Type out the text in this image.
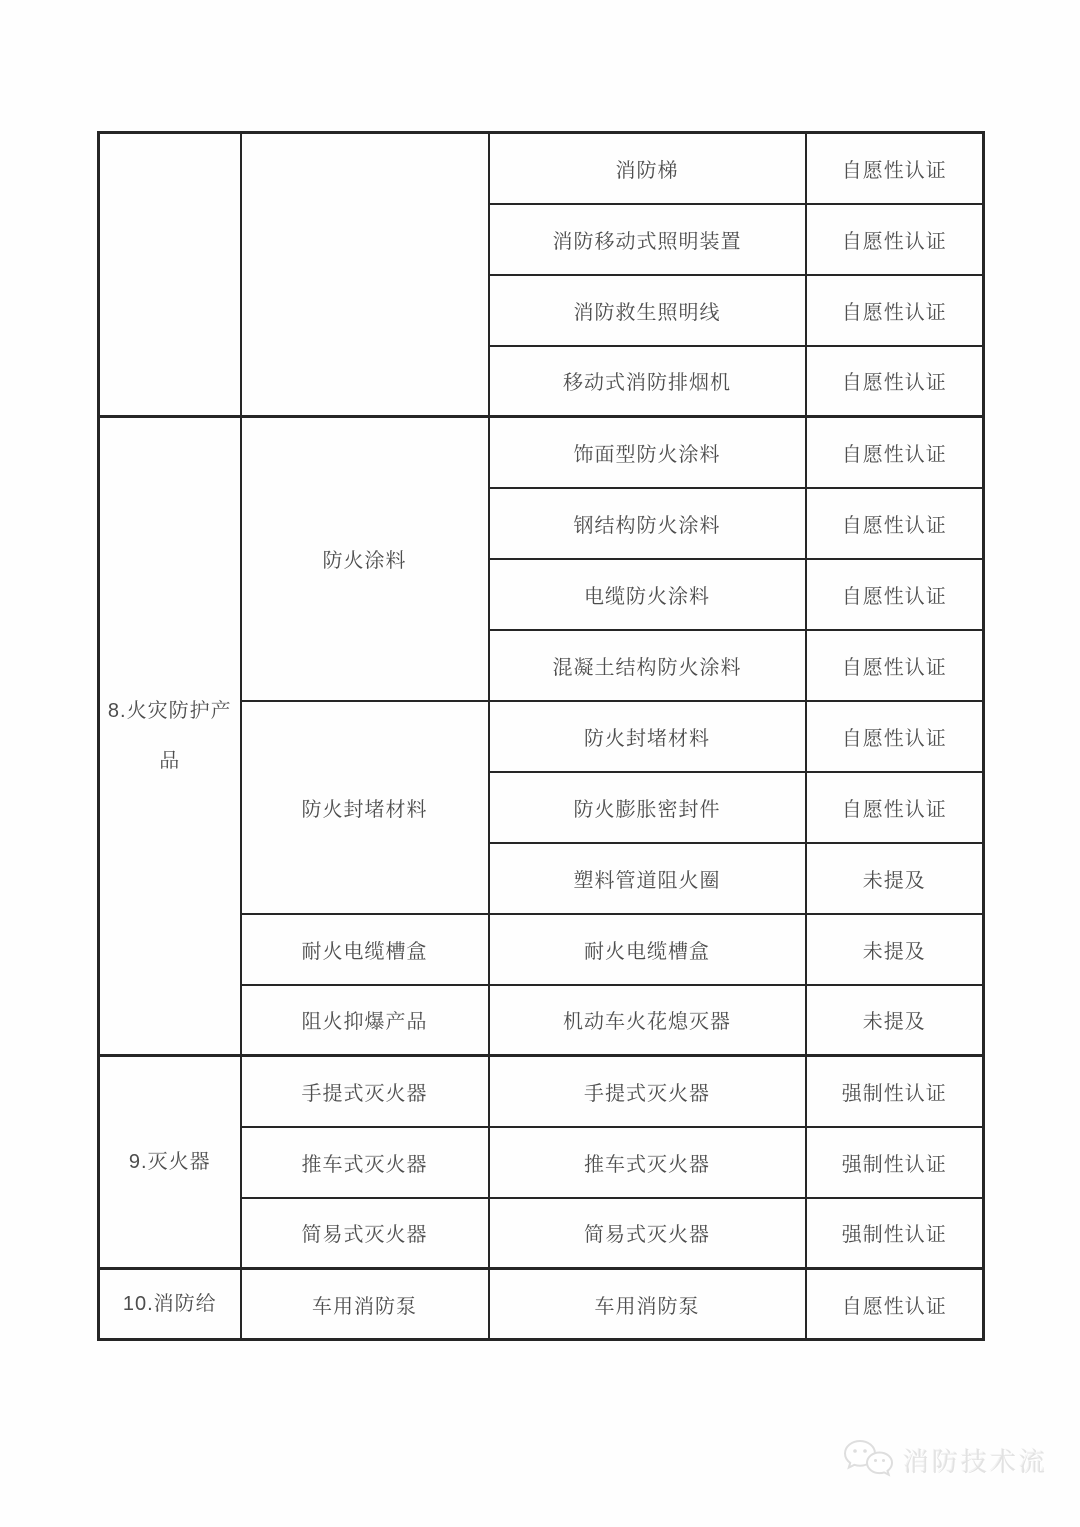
		消防梯	自愿性认证
		消防移动式照明装置	自愿性认证
		消防救生照明线	自愿性认证
		移动式消防排烟机	自愿性认证
8.火灾防护产品	防火涂料	饰面型防火涂料	自愿性认证
		钢结构防火涂料	自愿性认证
		电缆防火涂料	自愿性认证
		混凝土结构防火涂料	自愿性认证
	防火封堵材料	防火封堵材料	自愿性认证
		防火膨胀密封件	自愿性认证
		塑料管道阻火圈	未提及
	耐火电缆槽盒	耐火电缆槽盒	未提及
	阻火抑爆产品	机动车火花熄灭器	未提及
9.灭火器	手提式灭火器	手提式灭火器	强制性认证
	推车式灭火器	推车式灭火器	强制性认证
	简易式灭火器	简易式灭火器	强制性认证
10.消防给	车用消防泵	车用消防泵	自愿性认证
消防技术流
